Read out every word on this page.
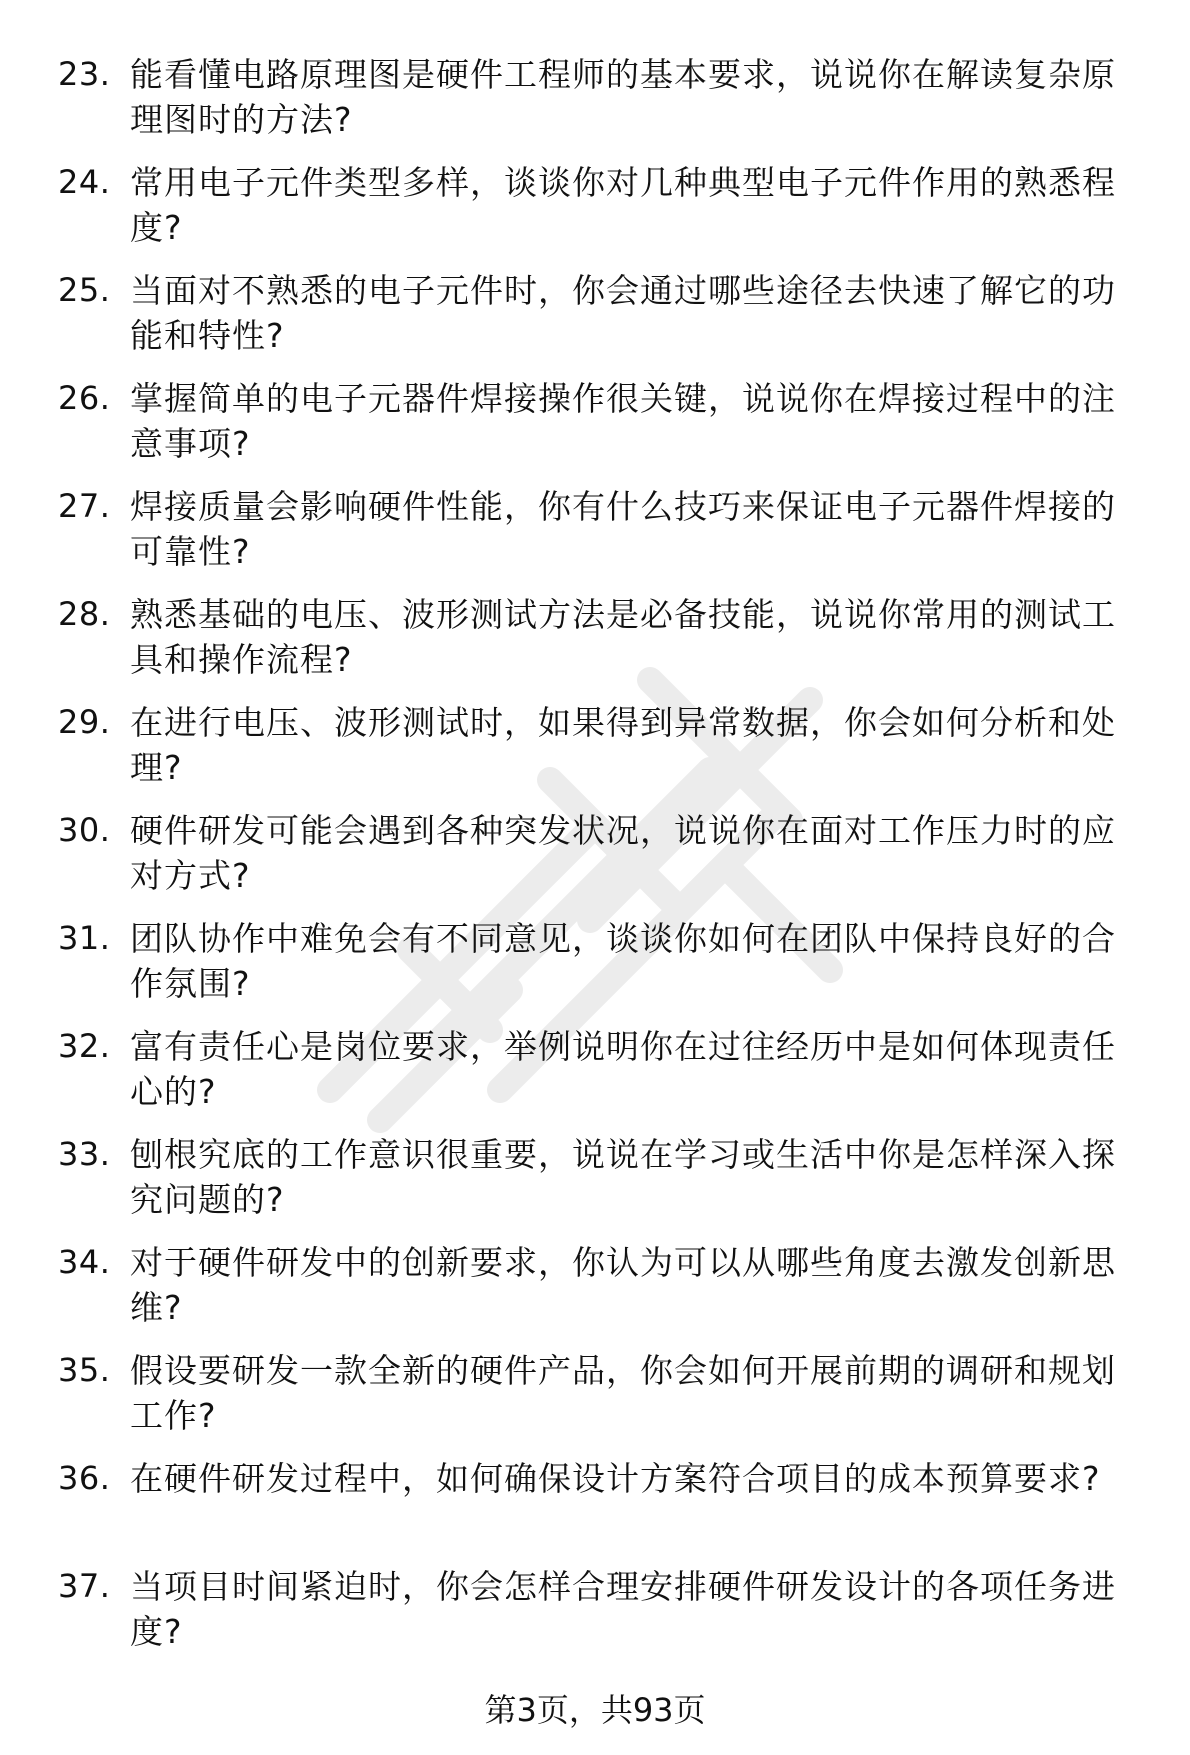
23. 能看懂电路原理图是硬件工程师的基本要求，说说你在解读复杂原理图时的方法?
24. 常用电子元件类型多样，谈谈你对几种典型电子元件作用的熟悉程度?
25. 当面对不熟悉的电子元件时，你会通过哪些途径去快速了解它的功能和特性?
26. 掌握简单的电子元器件焊接操作很关键，说说你在焊接过程中的注意事项?
27. 焊接质量会影响硬件性能，你有什么技巧来保证电子元器件焊接的可靠性?
28. 熟悉基础的电压、波形测试方法是必备技能，说说你常用的测试工具和操作流程?
29. 在进行电压、波形测试时，如果得到异常数据，你会如何分析和处理?
30. 硬件研发可能会遇到各种突发状况，说说你在面对工作压力时的应对方式?
31. 团队协作中难免会有不同意见，谈谈你如何在团队中保持良好的合作氛围?
32. 富有责任心是岗位要求，举例说明你在过往经历中是如何体现责任心的?
33. 刨根究底的工作意识很重要，说说在学习或生活中你是怎样深入探究问题的?
34. 对于硬件研发中的创新要求，你认为可以从哪些角度去激发创新思维?
35. 假设要研发一款全新的硬件产品，你会如何开展前期的调研和规划工作?
36. 在硬件研发过程中，如何确保设计方案符合项目的成本预算要求?
37. 当项目时间紧迫时，你会怎样合理安排硬件研发设计的各项任务进度?
第3页，共93页
